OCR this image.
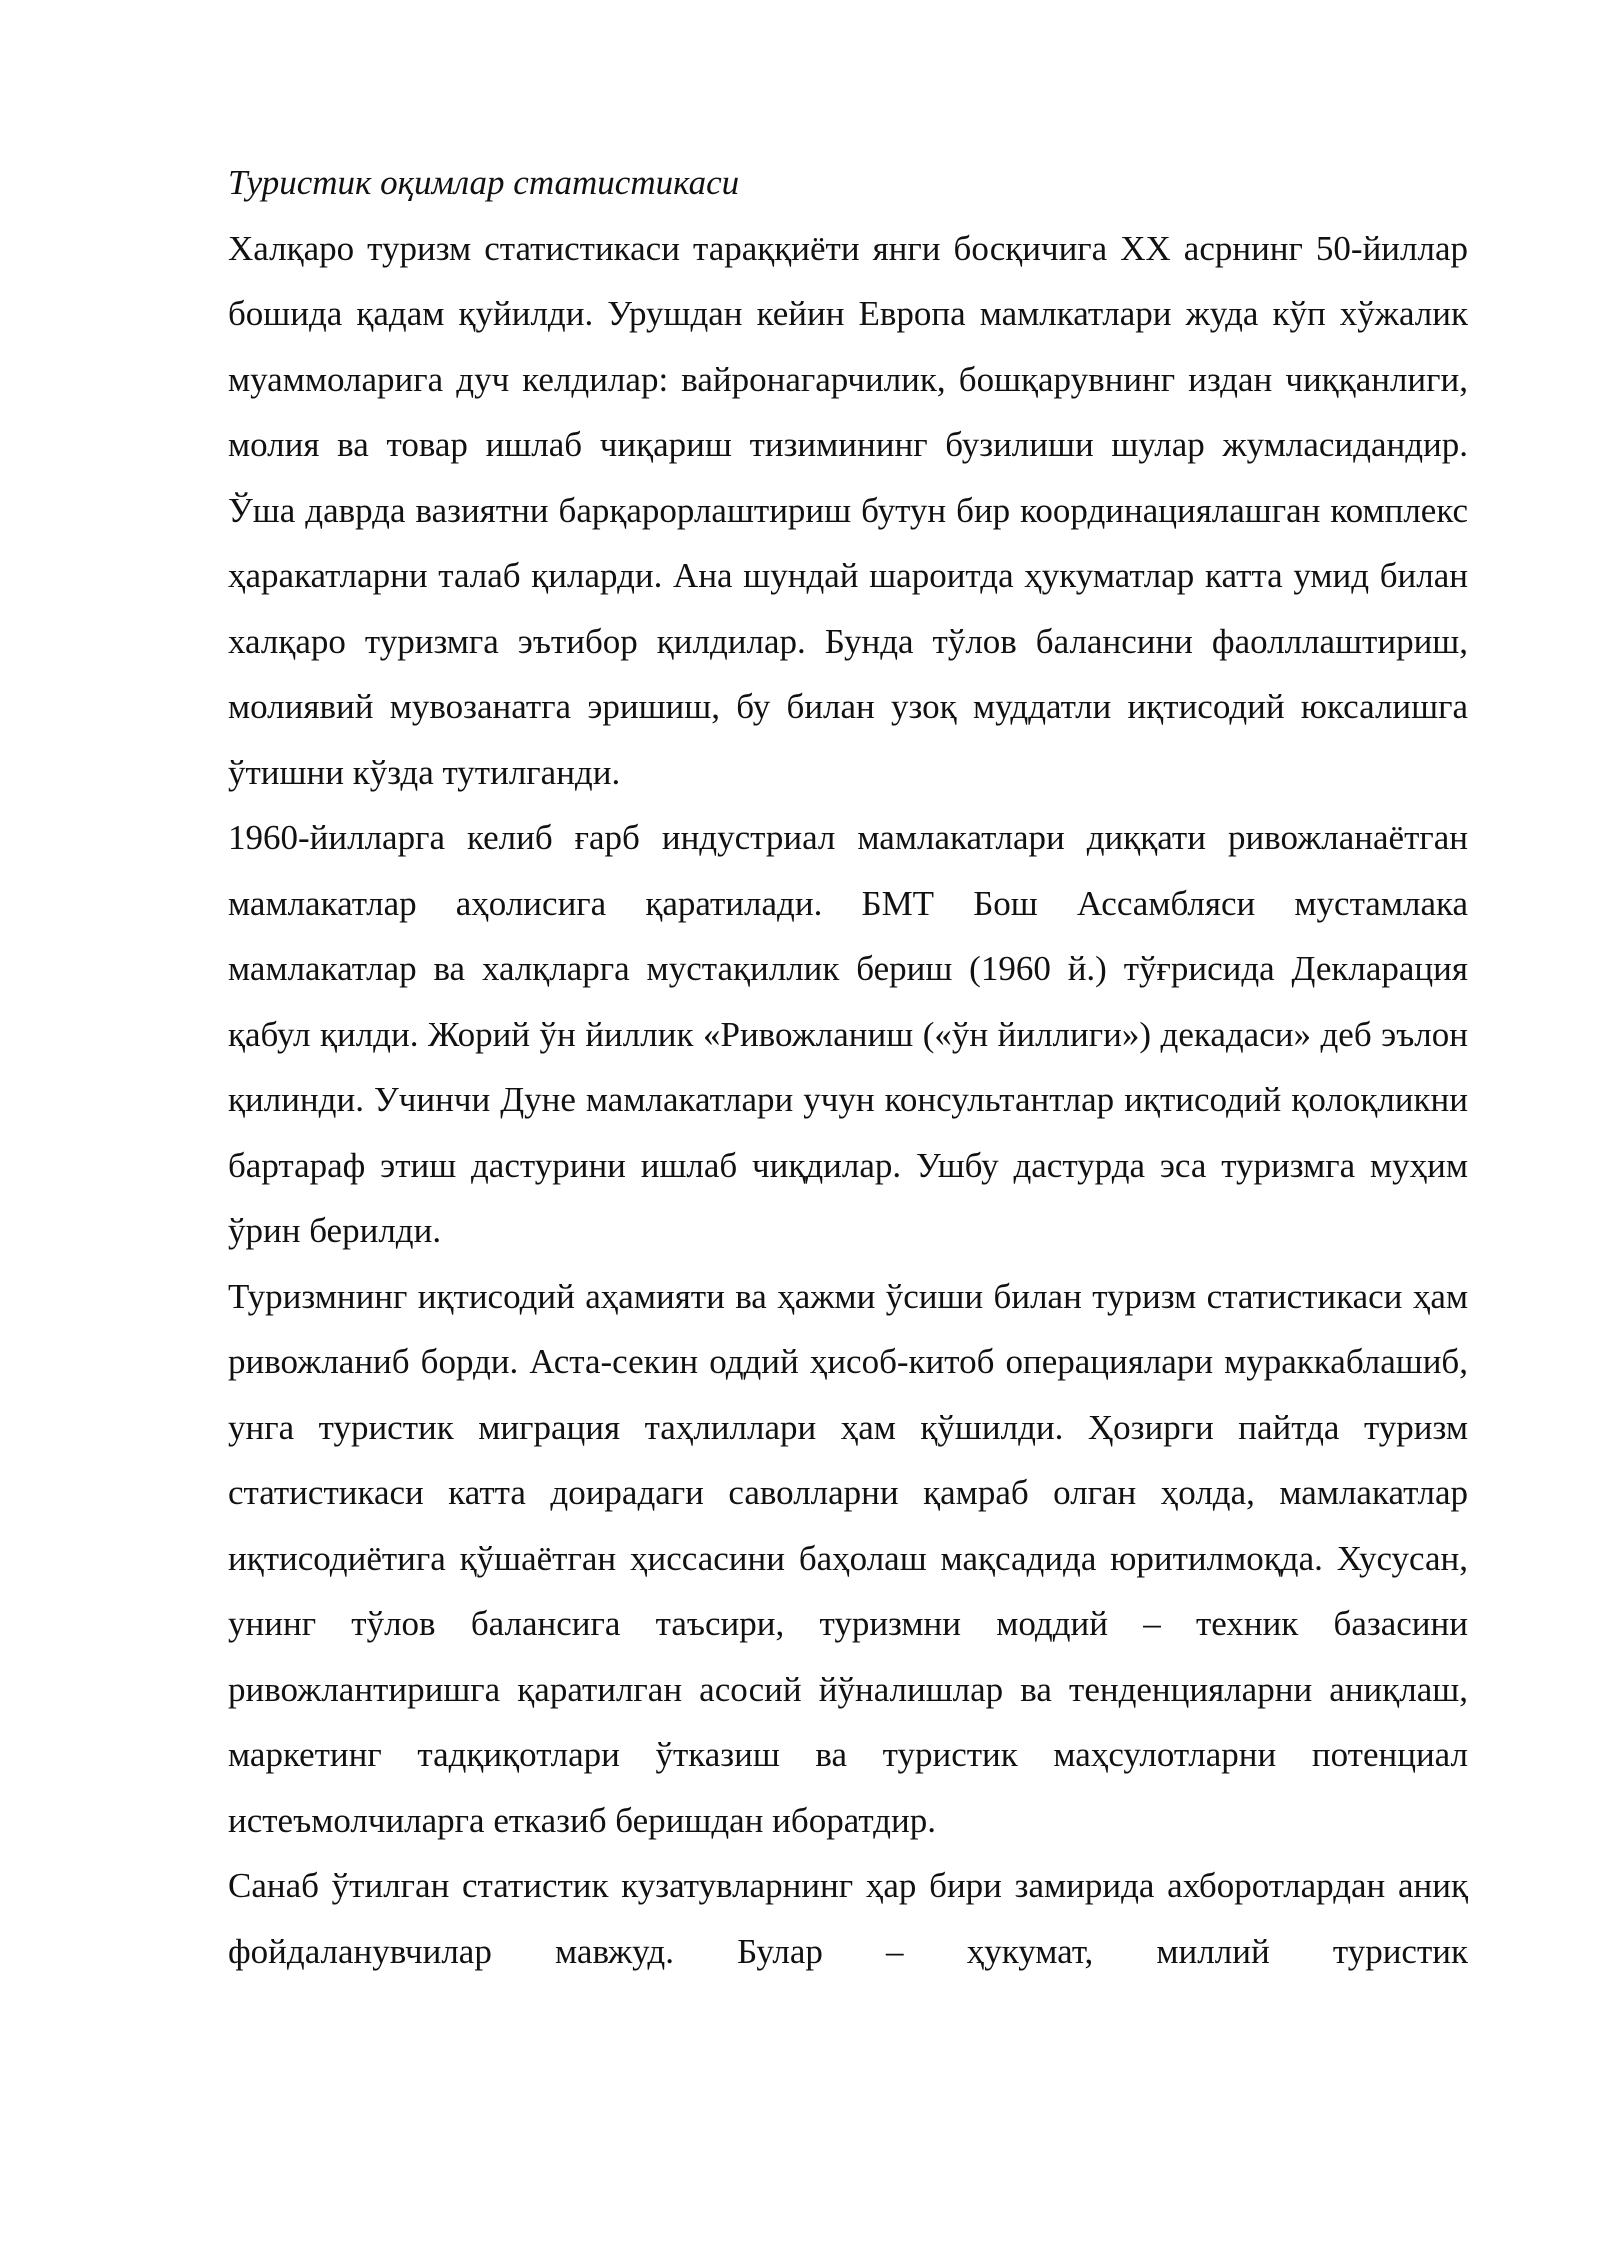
Туристик оқимлар статистикаси

Халқаро туризм статистикаси тараққиёти янги босқичига XX асрнинг 50-йиллар бошида қадам қуйилди. Урушдан кейин Европа мамлкатлари жуда кўп хўжалик муаммоларига дуч келдилар: вайронагарчилик, бошқарувнинг издан чиққанлиги, молия ва товар ишлаб чиқариш тизимининг бузилиши шулар жумласидандир. Ўша даврда вазиятни барқарорлаштириш бутун бир координациялашган комплекс ҳаракатларни талаб қиларди. Ана шундай шароитда ҳукуматлар катта умид билан халқаро туризмга эътибор қилдилар. Бунда тўлов балансини фаолллаштириш, молиявий мувозанатга эришиш, бу билан узоқ муддатли иқтисодий юксалишга ўтишни кўзда тутилганди.

1960-йилларга келиб ғарб индустриал мамлакатлари диққати ривожланаётган мамлакатлар аҳолисига қаратилади. БМТ Бош Ассамбляси мустамлака мамлакатлар ва халқларга мустақиллик бериш (1960 й.) тўғрисида Декларация қабул қилди. Жорий ўн йиллик «Ривожланиш («ўн йиллиги») декадаси» деб эълон қилинди. Учинчи Дуне мамлакатлари учун консультантлар иқтисодий қолоқликни бартараф этиш дастурини ишлаб чиқдилар. Ушбу дастурда эса туризмга муҳим ўрин берилди.

Туризмнинг иқтисодий аҳамияти ва ҳажми ўсиши билан туризм статистикаси ҳам ривожланиб борди. Аста-секин оддий ҳисоб-китоб операциялари мураккаблашиб, унга туристик миграция таҳлиллари ҳам қўшилди. Ҳозирги пайтда туризм статистикаси катта доирадаги саволларни қамраб олган ҳолда, мамлакатлар иқтисодиётига қўшаётган ҳиссасини баҳолаш мақсадида юритилмоқда. Хусусан, унинг тўлов балансига таъсири, туризмни моддий – техник базасини ривожлантиришга қаратилган асосий йўналишлар ва тенденцияларни аниқлаш, маркетинг тадқиқотлари ўтказиш ва туристик маҳсулотларни потенциал истеъмолчиларга етказиб беришдан иборатдир.

Санаб ўтилган статистик кузатувларнинг ҳар бири замирида ахборотлардан аниқ фойдаланувчилар мавжуд. Булар – ҳукумат, миллий туристик
